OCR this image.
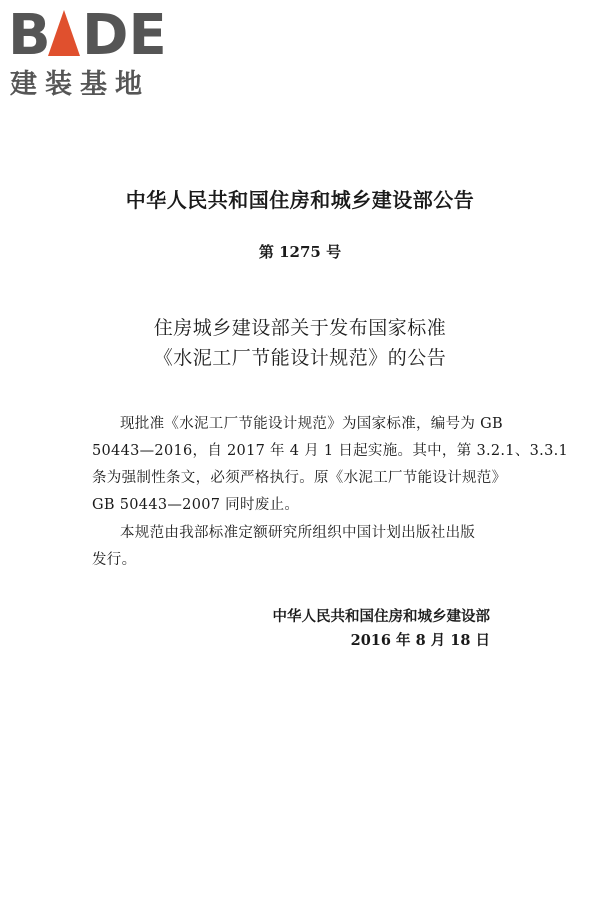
B DE
建装基地
中华人民共和国住房和城乡建设部公告
第 1275 号
住房城乡建设部关于发布国家标准
《水泥工厂节能设计规范》的公告
现批准《水泥工厂节能设计规范》为国家标准，编号为 GB
50443—2016，自 2017 年 4 月 1 日起实施。其中，第 3.2.1、3.3.1
条为强制性条文，必须严格执行。原《水泥工厂节能设计规范》
GB 50443—2007 同时废止。
本规范由我部标准定额研究所组织中国计划出版社出版
发行。
中华人民共和国住房和城乡建设部
2016 年 8 月 18 日
